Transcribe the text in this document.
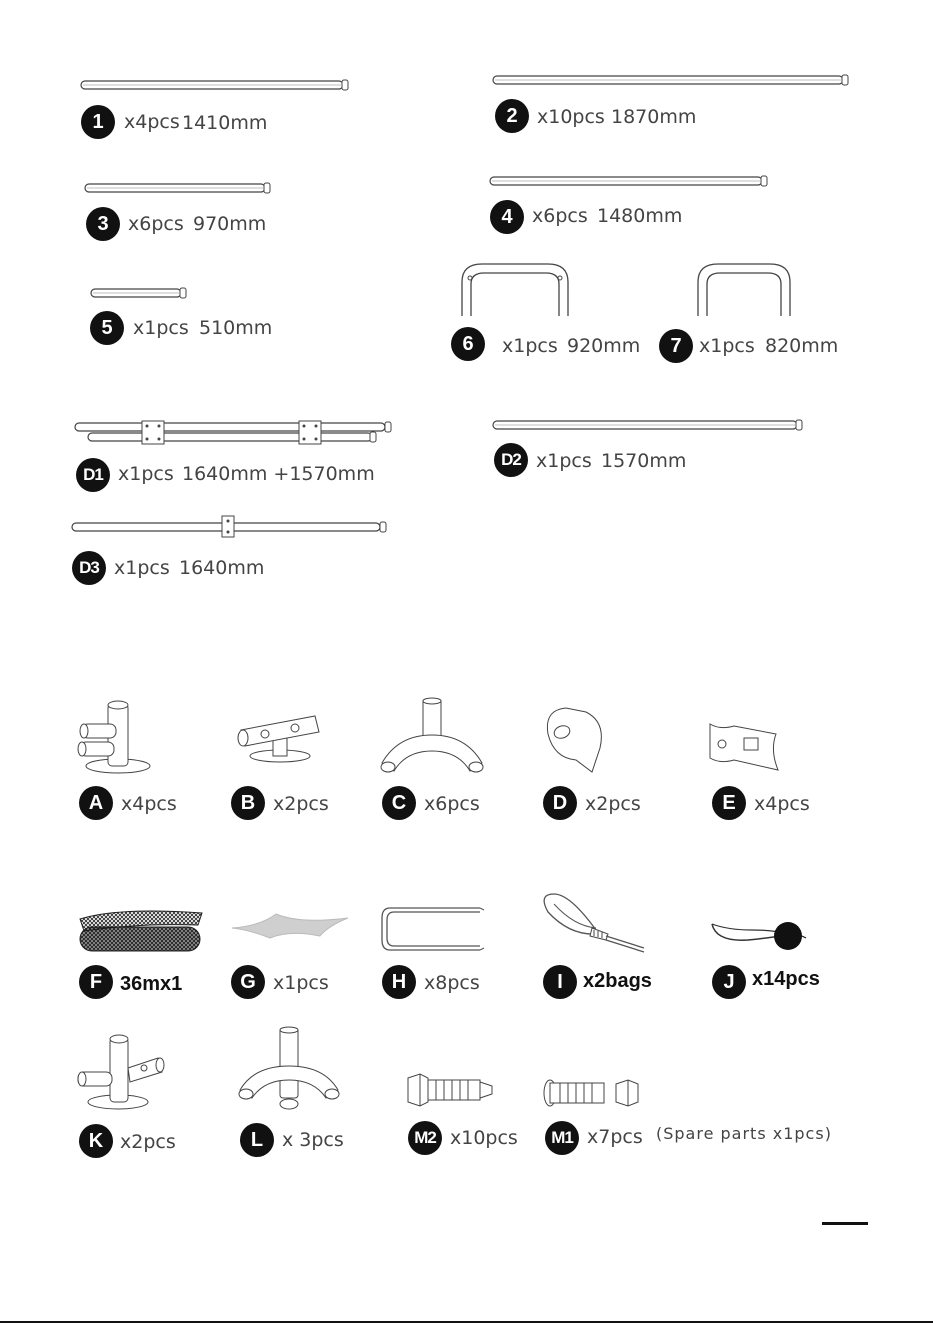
1	x4pcs 1410mm	2	x10pcs 1870mm
3	x6pcs 970mm	4	x6pcs 1480mm
5	x1pcs 510mm
6	x1pcs 920mm	7 x1pcs 820mm
D1 x1pcs 1640mm +1570mm
D2 x1pcs 1570mm
D3 x1pcs 1640mm
A x4pcs	B x2pcs	C x6pcs	D x2pcs	E x4pcs
F 36mx1	G x1pcs	H x8pcs	I	x2bags	J x14pcs
K x2pcs	L x 3pcs	M2 x10pcs	M1 x7pcs (Spare parts x1pcs)
